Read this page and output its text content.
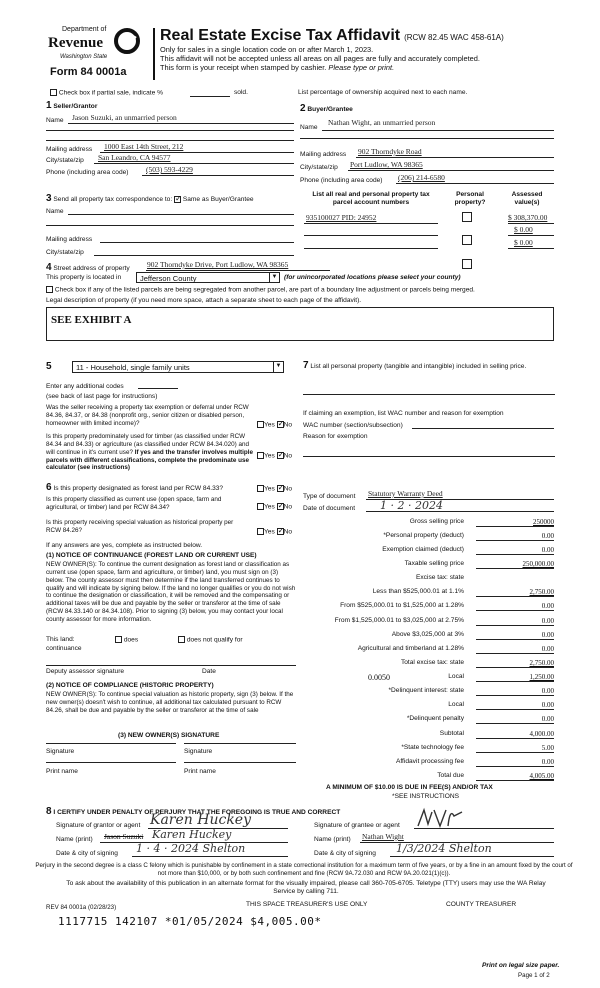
Department of
Revenue
Washington State
Form 84 0001a
Real Estate Excise Tax Affidavit (RCW 82.45 WAC 458-61A)
Only for sales in a single location code on or after March 1, 2023.
This affidavit will not be accepted unless all areas on all pages are fully and accurately completed.
This form is your receipt when stamped by cashier. Please type or print.
Check box if partial sale, indicate %	sold.	List percentage of ownership acquired next to each name.
1 Seller/Grantor
Name Jason Suzuki, an unmarried person
Mailing address 1000 East 14th Street, 212
City/state/zip San Leandro, CA 94577
Phone (including area code) (503) 593-4229
2 Buyer/Grantee
Name
Nathan Wight, an unmarried person
Mailing address 902 Thorndyke Road
City/state/zip Port Ludlow, WA 98365
Phone (including area code) (206) 214-6580
3 Send all property tax correspondence to: ✓ Same as Buyer/Grantee
Name
Mailing address
City/state/zip
List all real and personal property tax parcel account numbers
Personal property?
Assessed value(s)
935100027 PID: 24952	$ 308,370.00
$ 0.00
$ 0.00
4 Street address of property 902 Thorndyke Drive, Port Ludlow, WA 98365
This property is located in	Jefferson County	▼ (for unincorporated locations please select your county)
Check box if any of the listed parcels are being segregated from another parcel, are part of a boundary line adjustment or parcels being merged.
Legal description of property (if you need more space, attach a separate sheet to each page of the affidavit).
SEE EXHIBIT A
5	11 - Household, single family units	▼
Enter any additional codes
(see back of last page for instructions)
Was the seller receiving a property tax exemption or deferral under RCW 84.36, 84.37, or 84.38 (nonprofit org., senior citizen or disabled person, homeowner with limited income)?	Yes ✓ No
Is this property predominately used for timber (as classified under RCW 84.34 and 84.33) or agriculture (as classified under RCW 84.34.020) and will continue in it's current use? If yes and the transfer involves multiple parcels with different classifications, complete the predominate use calculator (see instructions)
Yes ✓ No
6 Is this property designated as forest land per RCW 84.33?	Yes ✓ No
Is this property classified as current use (open space, farm and agricultural, or timber) land per RCW 84.34?	Yes ✓ No
Is this property receiving special valuation as historical property per RCW 84.26?	Yes ✓ No
If any answers are yes, complete as instructed below.
(1) NOTICE OF CONTINUANCE (FOREST LAND OR CURRENT USE)
NEW OWNER(S): To continue the current designation as forest land or classification as current use (open space, farm and agriculture, or timber) land, you must sign on (3) below. The county assessor must then determine if the land transferred continues to qualify and will indicate by signing below. If the land no longer qualifies or you do not wish to continue the designation or classification, it will be removed and the compensating or additional taxes will be due and payable by the seller or transferor at the time of sale (RCW 84.33.140 or 84.34.108). Prior to signing (3) below, you may contact your local county assessor for more information.
This land:	does	does not qualify for
continuance
Deputy assessor signature	Date
(2) NOTICE OF COMPLIANCE (HISTORIC PROPERTY)
NEW OWNER(S): To continue special valuation as historic property, sign (3) below. If the new owner(s) doesn't wish to continue, all additional tax calculated pursuant to RCW 84.26, shall be due and payable by the seller or transferor at the time of sale
(3) NEW OWNER(S) SIGNATURE
Signature	Signature
Print name	Print name
7 List all personal property (tangible and intangible) included in selling price.
If claiming an exemption, list WAC number and reason for exemption
WAC number (section/subsection)
Reason for exemption
Type of document Statutory Warranty Deed
Date of document 1 · 2 · 2024
Gross selling price	250000
*Personal property (deduct)	0.00
Exemption claimed (deduct)	0.00
Taxable selling price	250,000.00
Excise tax: state
Less than $525,000.01 at 1.1%	2,750.00
From $525,000.01 to $1,525,000 at 1.28%	0.00
From $1,525,000.01 to $3,025,000 at 2.75%	0.00
Above $3,025,000 at 3%	0.00
Agricultural and timberland at 1.28%	0.00
Total excise tax: state	2,750.00
0.0050	Local	1,250.00
*Delinquent interest: state	0.00
Local	0.00
*Delinquent penalty	0.00
Subtotal	4,000.00
*State technology fee	5.00
Affidavit processing fee	0.00
Total due	4,005.00
A MINIMUM OF $10.00 IS DUE IN FEE(S) AND/OR TAX
*SEE INSTRUCTIONS
8 I CERTIFY UNDER PENALTY OF PERJURY THAT THE FOREGOING IS TRUE AND CORRECT
Signature of grantor or agent Karen Huckey
Name (print) Jason Suzuki Karen Huckey
Date & city of signing 1 · 4 · 2024 Shelton
Signature of grantee or agent
Name (print) Nathan Wight
Date & city of signing 1/3/2024 Shelton
Perjury in the second degree is a class C felony which is punishable by confinement in a state correctional institution for a maximum term of five years, or by a fine in an amount fixed by the court of not more than $10,000, or by both such confinement and fine (RCW 9A.72.030 and RCW 9A.20.021(1)(c)).
To ask about the availability of this publication in an alternate format for the visually impaired, please call 360-705-6705. Teletype (TTY) users may use the WA Relay Service by calling 711.
REV 84 0001a (02/28/23)	THIS SPACE TREASURER'S USE ONLY	COUNTY TREASURER
1117715 142107 *01/05/2024 $4,005.00*
Print on legal size paper.
Page 1 of 2
